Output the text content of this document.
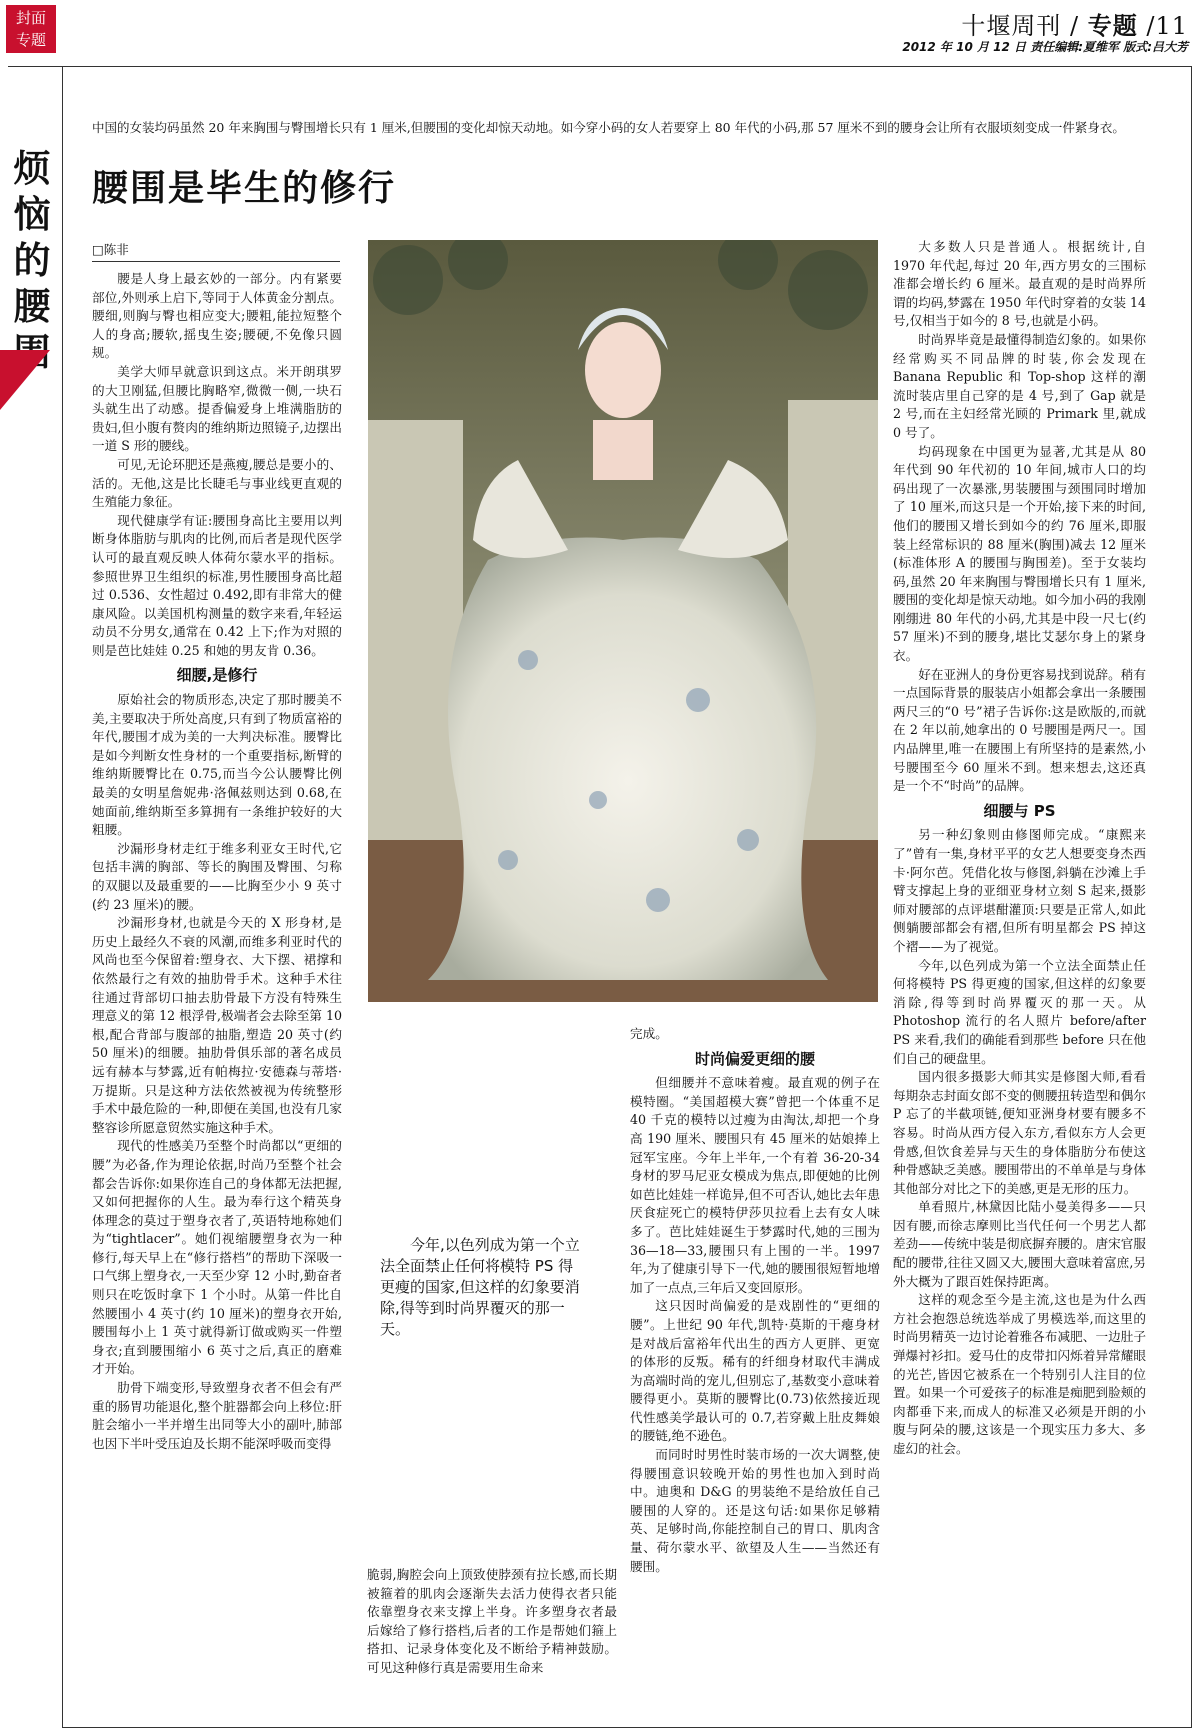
封面
专题	十堰周刊 / 专题 /11
2012 年 10 月 12 日 责任编辑:夏维军 版式:吕大芳
烦恼的腰围
中国的女装均码虽然 20 年来胸围与臀围增长只有 1 厘米,但腰围的变化却惊天动地。如今穿小码的女人若要穿上 80 年代的小码,那 57 厘米不到的腰身会让所有衣服顷刻变成一件紧身衣。
腰围是毕生的修行
□陈非

腰是人身上最玄妙的一部分。内有紧要部位,外则承上启下,等同于人体黄金分割点。腰细,则胸与臀也相应变大;腰粗,能拉短整个人的身高;腰软,摇曳生姿;腰硬,不免像只圆规。

美学大师早就意识到这点。米开朗琪罗的大卫刚猛,但腰比胸略窄,微微一侧,一块石头就生出了动感。提香偏爱身上堆满脂肪的贵妇,但小腹有赘肉的维纳斯边照镜子,边摆出一道 S 形的腰线。

可见,无论环肥还是燕瘦,腰总是要小的、活的。无他,这是比长睫毛与事业线更直观的生殖能力象征。

现代健康学有证:腰围身高比主要用以判断身体脂肪与肌肉的比例,而后者是现代医学认可的最直观反映人体荷尔蒙水平的指标。参照世界卫生组织的标准,男性腰围身高比超过 0.536、女性超过 0.492,即有非常大的健康风险。以美国机构测量的数字来看,年轻运动员不分男女,通常在 0.42 上下;作为对照的则是芭比娃娃 0.25 和她的男友肯 0.36。

细腰,是修行

原始社会的物质形态,决定了那时腰美不美,主要取决于所处高度,只有到了物质富裕的年代,腰围才成为美的一大判决标准。腰臀比是如今判断女性身材的一个重要指标,断臂的维纳斯腰臀比在 0.75,而当今公认腰臀比例最美的女明星詹妮弗·洛佩兹则达到 0.68,在她面前,维纳斯至多算拥有一条维护较好的大粗腰。

沙漏形身材走红于维多利亚女王时代,它包括丰满的胸部、等长的胸围及臀围、匀称的双腿以及最重要的——比胸至少小 9 英寸(约 23 厘米)的腰。

沙漏形身材,也就是今天的 X 形身材,是历史上最经久不衰的风潮,而维多利亚时代的风尚也至今保留着:塑身衣、大下摆、裙撑和依然最行之有效的抽肋骨手术。这种手术往往通过背部切口抽去肋骨最下方没有特殊生理意义的第 12 根浮骨,极端者会去除至第 10 根,配合背部与腹部的抽脂,塑造 20 英寸(约 50 厘米)的细腰。抽肋骨俱乐部的著名成员远有赫本与梦露,近有帕梅拉·安德森与蒂塔·万提斯。只是这种方法依然被视为传统整形手术中最危险的一种,即便在美国,也没有几家整容诊所愿意贸然实施这种手术。

现代的性感美乃至整个时尚都以“更细的腰”为必备,作为理论依据,时尚乃至整个社会都会告诉你:如果你连自己的身体都无法把握,又如何把握你的人生。最为奉行这个精英身体理念的莫过于塑身衣者了,英语特地称她们为“tightlacer”。她们视缩腰塑身衣为一种修行,每天早上在“修行搭档”的帮助下深吸一口气绑上塑身衣,一天至少穿 12 小时,勤奋者则只在吃饭时拿下 1 个小时。从第一件比自然腰围小 4 英寸(约 10 厘米)的塑身衣开始,腰围每小上 1 英寸就得新订做或购买一件塑身衣;直到腰围缩小 6 英寸之后,真正的磨难才开始。

肋骨下端变形,导致塑身衣者不但会有严重的肠胃功能退化,整个脏器都会向上移位:肝脏会缩小一半并增生出同等大小的副叶,肺部也因下半叶受压迫及长期不能深呼吸而变得

今年,以色列成为第一个立法全面禁止任何将模特 PS 得更瘦的国家,但这样的幻象要消除,得等到时尚界覆灭的那一天。

完成。

时尚偏爱更细的腰

但细腰并不意味着瘦。最直观的例子在模特圈。“美国超模大赛”曾把一个体重不足 40 千克的模特以过瘦为由淘汰,却把一个身高 190 厘米、腰围只有 45 厘米的姑娘捧上冠军宝座。今年上半年,一个有着 36-20-34 身材的罗马尼亚女模成为焦点,即便她的比例如芭比娃娃一样诡异,但不可否认,她比去年患厌食症死亡的模特伊莎贝拉看上去有女人味多了。芭比娃娃诞生于梦露时代,她的三围为 36—18—33,腰围只有上围的一半。1997 年,为了健康引导下一代,她的腰围很短暂地增加了一点点,三年后又变回原形。

这只因时尚偏爱的是戏剧性的“更细的腰”。上世纪 90 年代,凯特·莫斯的干瘪身材是对战后富裕年代出生的西方人更胖、更宽的体形的反叛。稀有的纤细身材取代丰满成为高端时尚的宠儿,但别忘了,基数变小意味着腰得更小。莫斯的腰臀比(0.73)依然接近现代性感美学最认可的 0.7,若穿戴上肚皮舞娘的腰链,绝不逊色。

而同时时男性时装市场的一次大调整,使得腰围意识较晚开始的男性也加入到时尚中。迪奥和 D&G 的男装绝不是给放任自己腰围的人穿的。还是这句话:如果你足够精英、足够时尚,你能控制自己的胃口、肌肉含量、荷尔蒙水平、欲望及人生——当然还有腰围。

脆弱,胸腔会向上顶致使脖颈有拉长感,而长期被箍着的肌肉会逐渐失去活力使得衣者只能依靠塑身衣来支撑上半身。许多塑身衣者最后嫁给了修行搭档,后者的工作是帮她们箍上搭扣、记录身体变化及不断给予精神鼓励。可见这种修行真是需要用生命来

大多数人只是普通人。根据统计,自 1970 年代起,每过 20 年,西方男女的三围标准都会增长约 6 厘米。最直观的是时尚界所谓的均码,梦露在 1950 年代时穿着的女装 14 号,仅相当于如今的 8 号,也就是小码。

时尚界毕竟是最懂得制造幻象的。如果你经常购买不同品牌的时装,你会发现在 Banana Republic 和 Top-shop 这样的潮流时装店里自己穿的是 4 号,到了 Gap 就是 2 号,而在主妇经常光顾的 Primark 里,就成 0 号了。

均码现象在中国更为显著,尤其是从 80 年代到 90 年代初的 10 年间,城市人口的均码出现了一次暴涨,男装腰围与颈围同时增加了 10 厘米,而这只是一个开始,接下来的时间,他们的腰围又增长到如今的约 76 厘米,即服装上经常标识的 88 厘米(胸围)减去 12 厘米(标准体形 A 的腰围与胸围差)。至于女装均码,虽然 20 年来胸围与臀围增长只有 1 厘米,腰围的变化却是惊天动地。如今加小码的我刚刚绷进 80 年代的小码,尤其是中段一尺七(约 57 厘米)不到的腰身,堪比艾瑟尔身上的紧身衣。

好在亚洲人的身份更容易找到说辞。稍有一点国际背景的服装店小姐都会拿出一条腰围两尺三的“0 号”裙子告诉你:这是欧版的,而就在 2 年以前,她拿出的 0 号腰围是两尺一。国内品牌里,唯一在腰围上有所坚持的是素然,小号腰围至今 60 厘米不到。想来想去,这还真是一个不“时尚”的品牌。

细腰与 PS

另一种幻象则由修图师完成。“康熙来了”曾有一集,身材平平的女艺人想要变身杰西卡·阿尔芭。凭借化妆与修图,斜躺在沙滩上手臂支撑起上身的亚细亚身材立刻 S 起来,摄影师对腰部的点评堪酣灌顶:只要是正常人,如此侧躺腰部都会有褶,但所有明星都会 PS 掉这个褶——为了视觉。

今年,以色列成为第一个立法全面禁止任何将模特 PS 得更瘦的国家,但这样的幻象要消除,得等到时尚界覆灭的那一天。从 Photoshop 流行的名人照片 before/after PS 来看,我们的确能看到那些 before 只在他们自己的硬盘里。

国内很多摄影大师其实是修图大师,看看每期杂志封面女郎不变的侧腰扭转造型和偶尔 P 忘了的半截项链,便知亚洲身材要有腰多不容易。时尚从西方侵入东方,看似东方人会更骨感,但饮食差异与天生的身体脂肪分布使这种骨感缺乏美感。腰围带出的不单单是与身体其他部分对比之下的美感,更是无形的压力。

单看照片,林黛因比陆小曼美得多——只因有腰,而徐志摩则比当代任何一个男艺人都差劲——传统中装是彻底摒弃腰的。唐宋官服配的腰带,往往又圆又大,腰围大意味着富庶,另外大概为了跟百姓保持距离。

这样的观念至今是主流,这也是为什么西方社会抱怨总统选举成了男模选举,而这里的时尚男精英一边讨论着雅各布减肥、一边肚子弹爆衬衫扣。爱马仕的皮带扣闪烁着异常耀眼的光芒,皆因它被系在一个特别引人注目的位置。如果一个可爱孩子的标准是痴肥到脸颊的肉都垂下来,而成人的标准又必须是开朗的小腹与阿朵的腰,这该是一个现实压力多大、多虚幻的社会。
